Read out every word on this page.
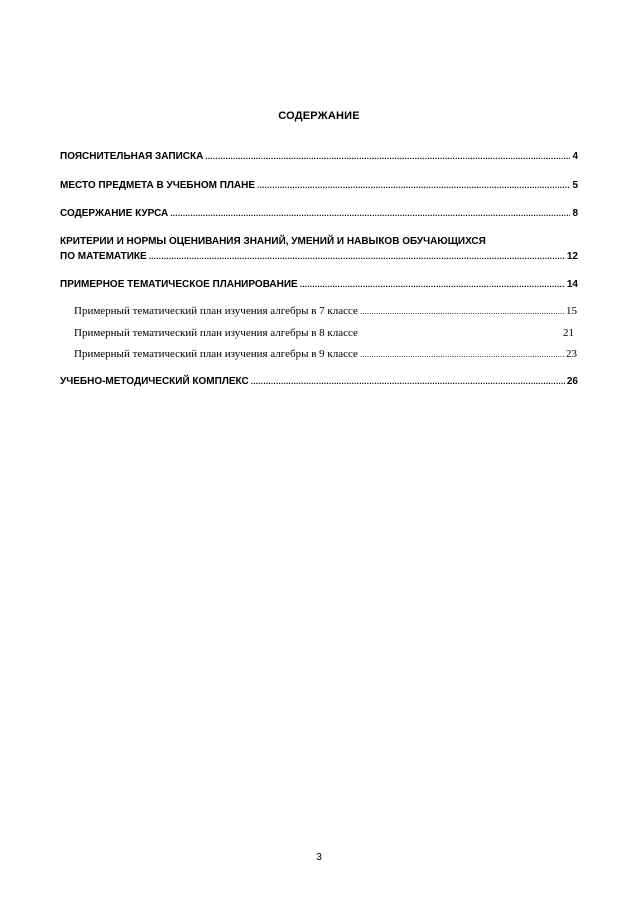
СОДЕРЖАНИЕ
ПОЯСНИТЕЛЬНАЯ ЗАПИСКА .....	4
МЕСТО ПРЕДМЕТА В УЧЕБНОМ ПЛАНЕ .....	5
СОДЕРЖАНИЕ КУРСА .....	8
КРИТЕРИИ И НОРМЫ ОЦЕНИВАНИЯ ЗНАНИЙ, УМЕНИЙ И НАВЫКОВ ОБУЧАЮЩИХСЯ
ПО МАТЕМАТИКЕ .....	12
ПРИМЕРНОЕ ТЕМАТИЧЕСКОЕ ПЛАНИРОВАНИЕ .....	14
Примерный тематический план изучения алгебры в 7 классе .....	15
Примерный тематический план изучения алгебры в 8 классе	21
Примерный тематический план изучения алгебры в 9 классе .....	23
УЧЕБНО-МЕТОДИЧЕСКИЙ КОМПЛЕКС .....	26
3
